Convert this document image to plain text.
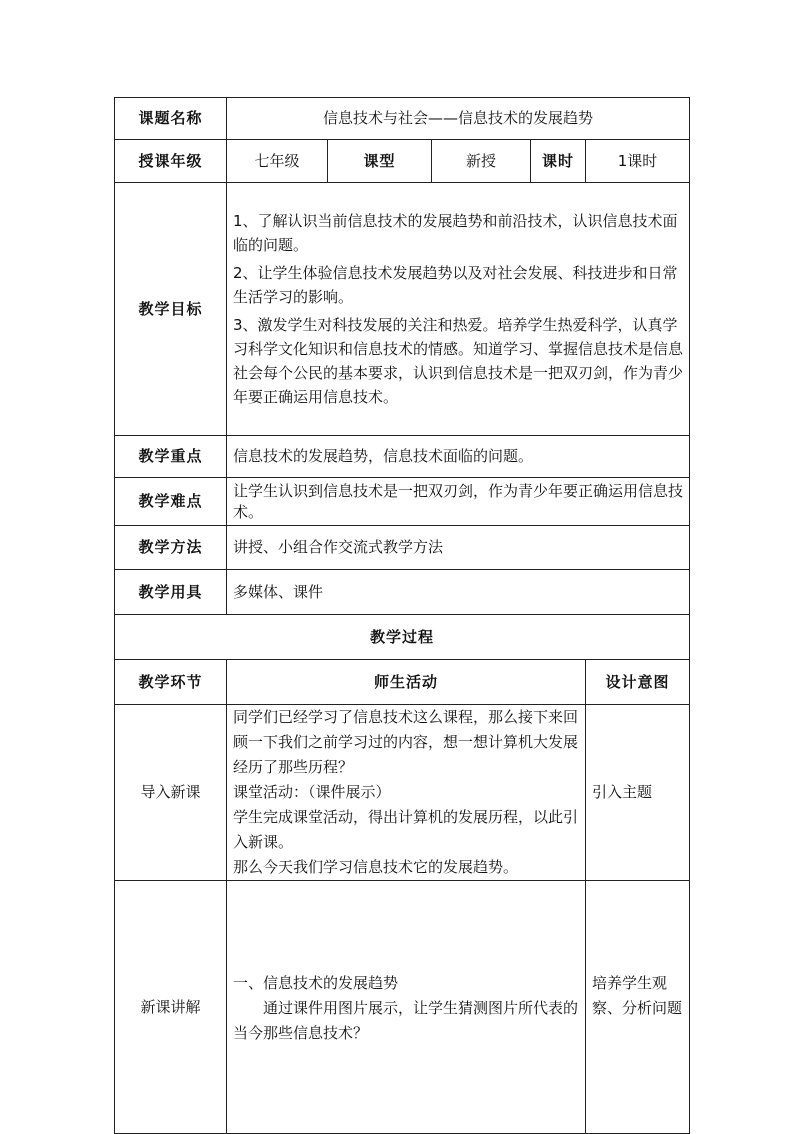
课题名称	信息技术与社会——信息技术的发展趋势				
授课年级	七年级	课型	新授	课时	1课时
教学目标	1、了解认识当前信息技术的发展趋势和前沿技术，认识信息技术面临的问题。

2、让学生体验信息技术发展趋势以及对社会发展、科技进步和日常生活学习的影响。

3、激发学生对科技发展的关注和热爱。培养学生热爱科学，认真学习科学文化知识和信息技术的情感。知道学习、掌握信息技术是信息社会每个公民的基本要求，认识到信息技术是一把双刃剑，作为青少年要正确运用信息技术。				

教学重点	信息技术的发展趋势，信息技术面临的问题。				
教学难点	让学生认识到信息技术是一把双刃剑，作为青少年要正确运用信息技术。				
教学方法	讲授、小组合作交流式教学方法				
教学用具	多媒体、课件				
教学过程					
教学环节	师生活动				设计意图
导入新课	同学们已经学习了信息技术这么课程，那么接下来回顾一下我们之前学习过的内容，想一想计算机大发展经历了那些历程？
课堂活动：（课件展示）
学生完成课堂活动，得出计算机的发展历程，以此引入新课。
那么今天我们学习信息技术它的发展趋势。				引入主题
新课讲解	一、信息技术的发展趋势
通过课件用图片展示，让学生猜测图片所代表的当今那些信息技术？				培养学生观察、分析问题
